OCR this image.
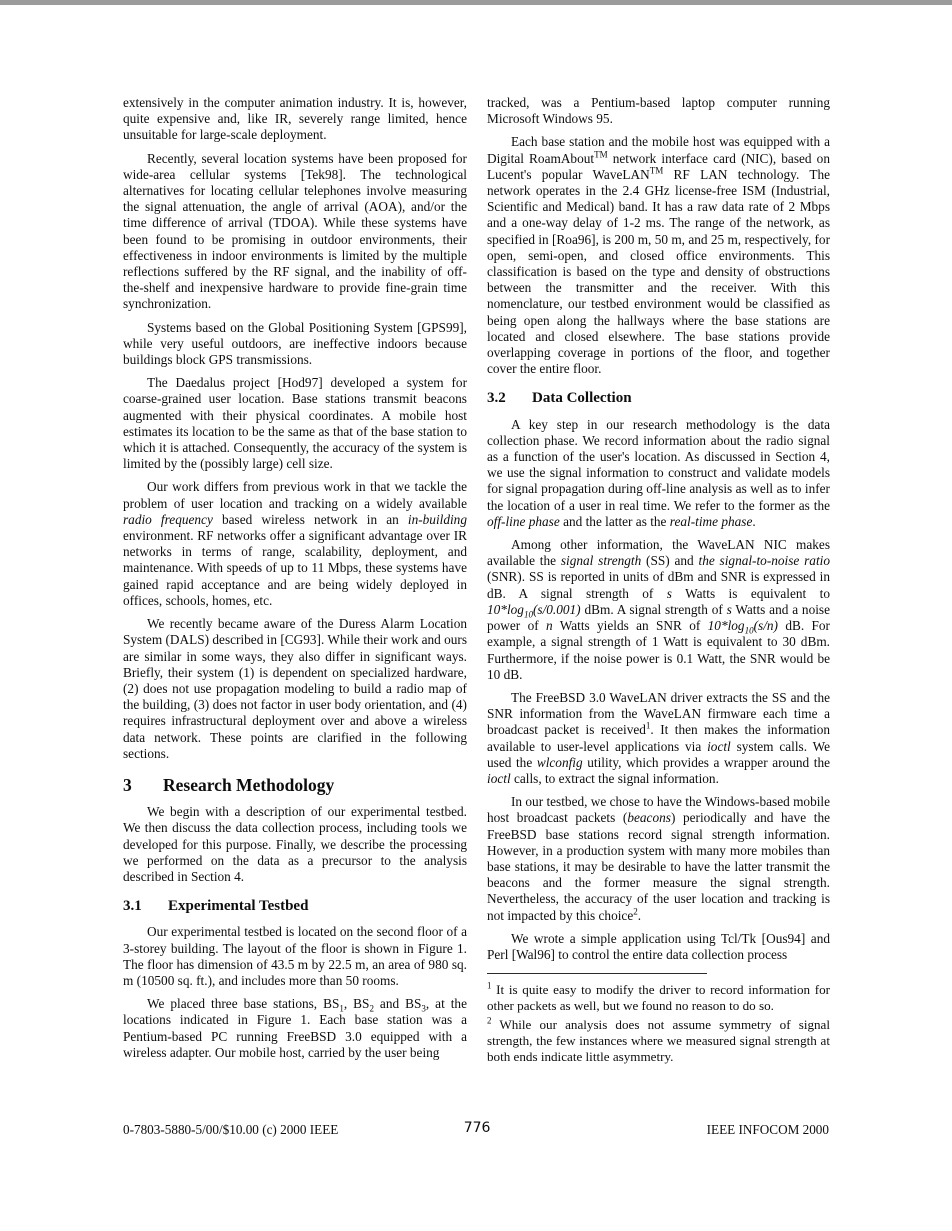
extensively in the computer animation industry. It is, however, quite expensive and, like IR, severely range limited, hence unsuitable for large-scale deployment.

Recently, several location systems have been proposed for wide-area cellular systems [Tek98]. The technological alternatives for locating cellular telephones involve measuring the signal attenuation, the angle of arrival (AOA), and/or the time difference of arrival (TDOA). While these systems have been found to be promising in outdoor environments, their effectiveness in indoor environments is limited by the multiple reflections suffered by the RF signal, and the inability of off-the-shelf and inexpensive hardware to provide fine-grain time synchronization.

Systems based on the Global Positioning System [GPS99], while very useful outdoors, are ineffective indoors because buildings block GPS transmissions.

The Daedalus project [Hod97] developed a system for coarse-grained user location. Base stations transmit beacons augmented with their physical coordinates. A mobile host estimates its location to be the same as that of the base station to which it is attached. Consequently, the accuracy of the system is limited by the (possibly large) cell size.

Our work differs from previous work in that we tackle the problem of user location and tracking on a widely available radio frequency based wireless network in an in-building environment. RF networks offer a significant advantage over IR networks in terms of range, scalability, deployment, and maintenance. With speeds of up to 11 Mbps, these systems have gained rapid acceptance and are being widely deployed in offices, schools, homes, etc.

We recently became aware of the Duress Alarm Location System (DALS) described in [CG93]. While their work and ours are similar in some ways, they also differ in significant ways. Briefly, their system (1) is dependent on specialized hardware, (2) does not use propagation modeling to build a radio map of the building, (3) does not factor in user body orientation, and (4) requires infrastructural deployment over and above a wireless data network. These points are clarified in the following sections.

3 Research Methodology

We begin with a description of our experimental testbed. We then discuss the data collection process, including tools we developed for this purpose. Finally, we describe the processing we performed on the data as a precursor to the analysis described in Section 4.

3.1 Experimental Testbed

Our experimental testbed is located on the second floor of a 3-storey building. The layout of the floor is shown in Figure 1. The floor has dimension of 43.5 m by 22.5 m, an area of 980 sq. m (10500 sq. ft.), and includes more than 50 rooms.

We placed three base stations, $BS_1$, $BS_2$ and $BS_3$, at the locations indicated in Figure 1. Each base station was a Pentium-based PC running FreeBSD 3.0 equipped with a wireless adapter. Our mobile host, carried by the user being

tracked, was a Pentium-based laptop computer running Microsoft Windows 95.

Each base station and the mobile host was equipped with a Digital RoamAbout™ network interface card (NIC), based on Lucent's popular WaveLAN™ RF LAN technology. The network operates in the 2.4 GHz license-free ISM (Industrial, Scientific and Medical) band. It has a raw data rate of 2 Mbps and a one-way delay of 1-2 ms. The range of the network, as specified in [Roa96], is 200 m, 50 m, and 25 m, respectively, for open, semi-open, and closed office environments. This classification is based on the type and density of obstructions between the transmitter and the receiver. With this nomenclature, our testbed environment would be classified as being open along the hallways where the base stations are located and closed elsewhere. The base stations provide overlapping coverage in portions of the floor, and together cover the entire floor.

3.2 Data Collection

A key step in our research methodology is the data collection phase. We record information about the radio signal as a function of the user's location. As discussed in Section 4, we use the signal information to construct and validate models for signal propagation during off-line analysis as well as to infer the location of a user in real time. We refer to the former as the off-line phase and the latter as the real-time phase.

Among other information, the WaveLAN NIC makes available the signal strength (SS) and the signal-to-noise ratio (SNR). SS is reported in units of dBm and SNR is expressed in dB. A signal strength of s Watts is equivalent to $10*\log_{10}(s/0.001)$ dBm. A signal strength of s Watts and a noise power of n Watts yields an SNR of $10*\log_{10}(s/n)$ dB. For example, a signal strength of 1 Watt is equivalent to 30 dBm. Furthermore, if the noise power is 0.1 Watt, the SNR would be 10 dB.

The FreeBSD 3.0 WaveLAN driver extracts the SS and the SNR information from the WaveLAN firmware each time a broadcast packet is received$^1$. It then makes the information available to user-level applications via ioctl system calls. We used the wlconfig utility, which provides a wrapper around the ioctl calls, to extract the signal information.

In our testbed, we chose to have the Windows-based mobile host broadcast packets (beacons) periodically and have the FreeBSD base stations record signal strength information. However, in a production system with many more mobiles than base stations, it may be desirable to have the latter transmit the beacons and the former measure the signal strength. Nevertheless, the accuracy of the user location and tracking is not impacted by this choice$^2$.

We wrote a simple application using Tcl/Tk [Ous94] and Perl [Wal96] to control the entire data collection process

$^1$ It is quite easy to modify the driver to record information for other packets as well, but we found no reason to do so.

$^2$ While our analysis does not assume symmetry of signal strength, the few instances where we measured signal strength at both ends indicate little asymmetry.

0-7803-5880-5/00/$10.00 (c) 2000 IEEE	776	IEEE INFOCOM 2000
